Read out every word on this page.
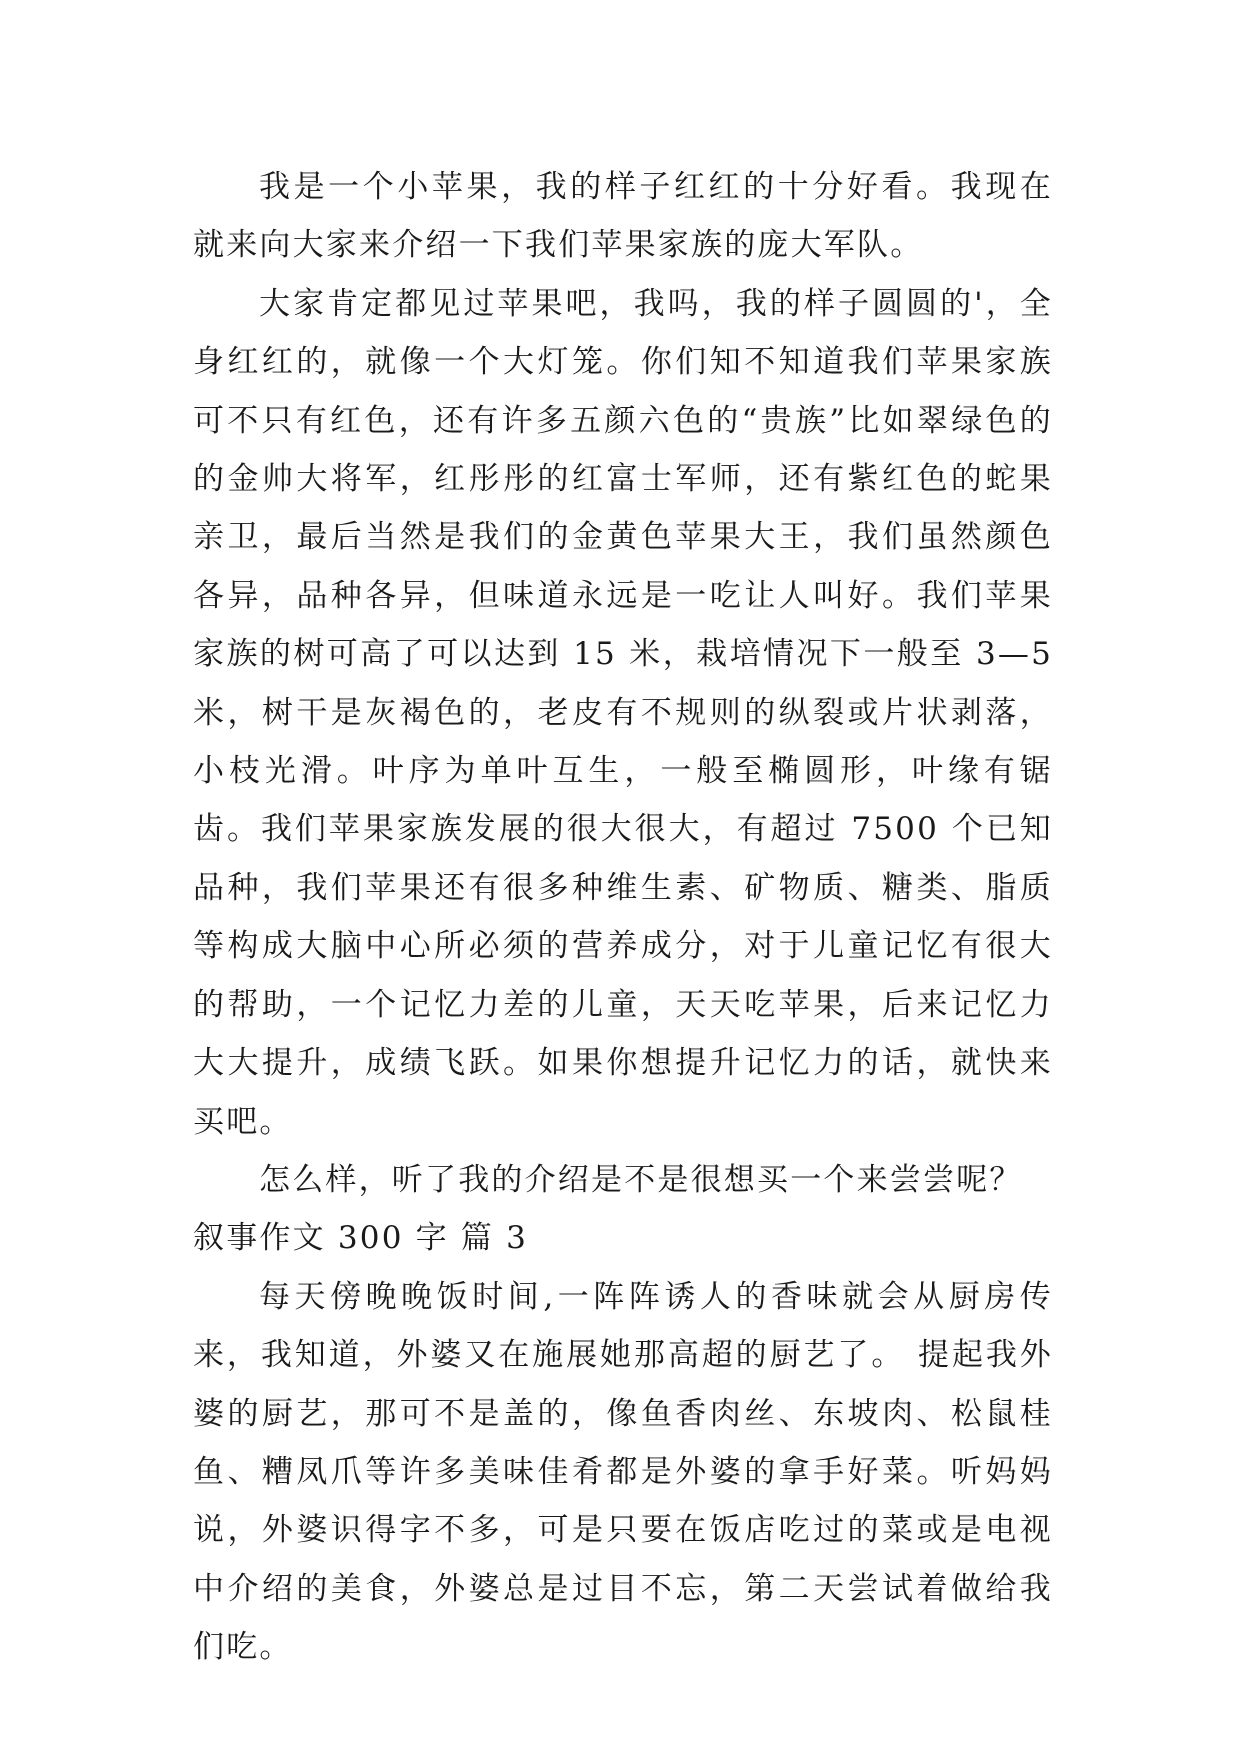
我是一个小苹果，我的样子红红的十分好看。我现在就来向大家来介绍一下我们苹果家族的庞大军队。

大家肯定都见过苹果吧，我吗，我的样子圆圆的'，全身红红的，就像一个大灯笼。你们知不知道我们苹果家族可不只有红色，还有许多五颜六色的“贵族”比如翠绿色的的金帅大将军，红彤彤的红富士军师，还有紫红色的蛇果亲卫，最后当然是我们的金黄色苹果大王，我们虽然颜色各异，品种各异，但味道永远是一吃让人叫好。我们苹果家族的树可高了可以达到 15 米，栽培情况下一般至 3—5 米，树干是灰褐色的，老皮有不规则的纵裂或片状剥落，小枝光滑。叶序为单叶互生，一般至椭圆形，叶缘有锯齿。我们苹果家族发展的很大很大，有超过 7500 个已知品种，我们苹果还有很多种维生素、矿物质、糖类、脂质等构成大脑中心所必须的营养成分，对于儿童记忆有很大的帮助，一个记忆力差的儿童，天天吃苹果，后来记忆力大大提升，成绩飞跃。如果你想提升记忆力的话，就快来买吧。

怎么样，听了我的介绍是不是很想买一个来尝尝呢？

叙事作文 300 字 篇 3

每天傍晚晚饭时间,一阵阵诱人的香味就会从厨房传来，我知道，外婆又在施展她那高超的厨艺了。 提起我外婆的厨艺，那可不是盖的，像鱼香肉丝、东坡肉、松鼠桂鱼、糟凤爪等许多美味佳肴都是外婆的拿手好菜。听妈妈说，外婆识得字不多，可是只要在饭店吃过的菜或是电视中介绍的美食，外婆总是过目不忘，第二天尝试着做给我们吃。
